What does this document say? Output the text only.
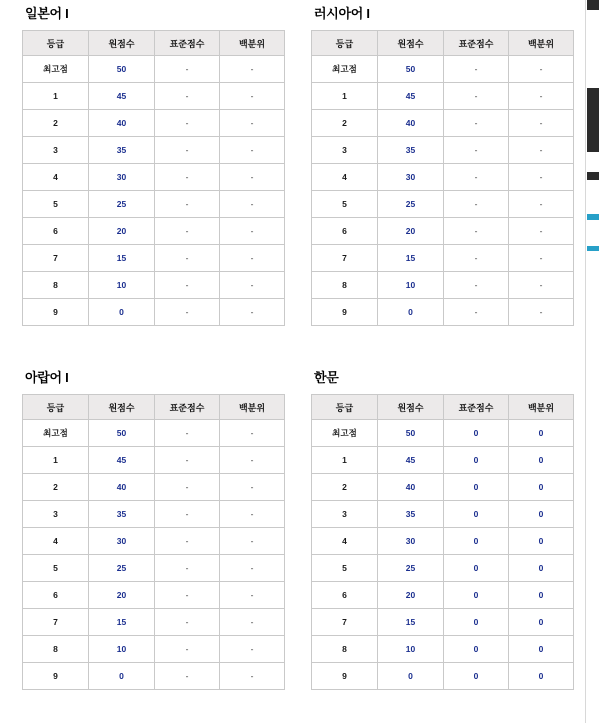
일본어 I
등급	원점수	표준점수	백분위
최고점	50	-	-
1	45	-	-
2	40	-	-
3	35	-	-
4	30	-	-
5	25	-	-
6	20	-	-
7	15	-	-
8	10	-	-
9	0	-	-
러시아어 I
등급	원점수	표준점수	백분위
최고점	50	-	-
1	45	-	-
2	40	-	-
3	35	-	-
4	30	-	-
5	25	-	-
6	20	-	-
7	15	-	-
8	10	-	-
9	0	-	-
아랍어 I
등급	원점수	표준점수	백분위
최고점	50	-	-
1	45	-	-
2	40	-	-
3	35	-	-
4	30	-	-
5	25	-	-
6	20	-	-
7	15	-	-
8	10	-	-
9	0	-	-
한문
등급	원점수	표준점수	백분위
최고점	50	0	0
1	45	0	0
2	40	0	0
3	35	0	0
4	30	0	0
5	25	0	0
6	20	0	0
7	15	0	0
8	10	0	0
9	0	0	0
